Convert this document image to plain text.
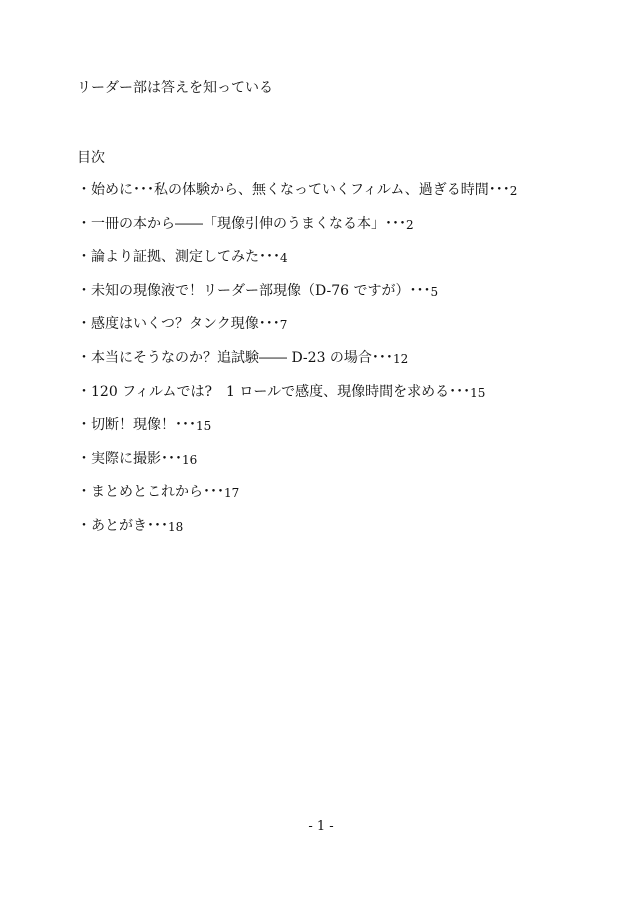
リーダー部は答えを知っている
目次
・始めに･･･私の体験から、無くなっていくフィルム、過ぎる時間･･･ 2
・一冊の本から――「現像引伸のうまくなる本」･･･ 2
・論より証拠、測定してみた･･･ 4
・未知の現像液で！リーダー部現像（D-76 ですが）･･･ 5
・感度はいくつ？タンク現像･･･ 7
・本当にそうなのか？追試験―― D-23 の場合･･･ 12
・120 フィルムでは?　1 ロールで感度、現像時間を求める･･･ 15
・切断！現像！･･･ 15
・実際に撮影･･･ 16
・まとめとこれから･･･ 17
・あとがき･･･ 18
- 1 -
